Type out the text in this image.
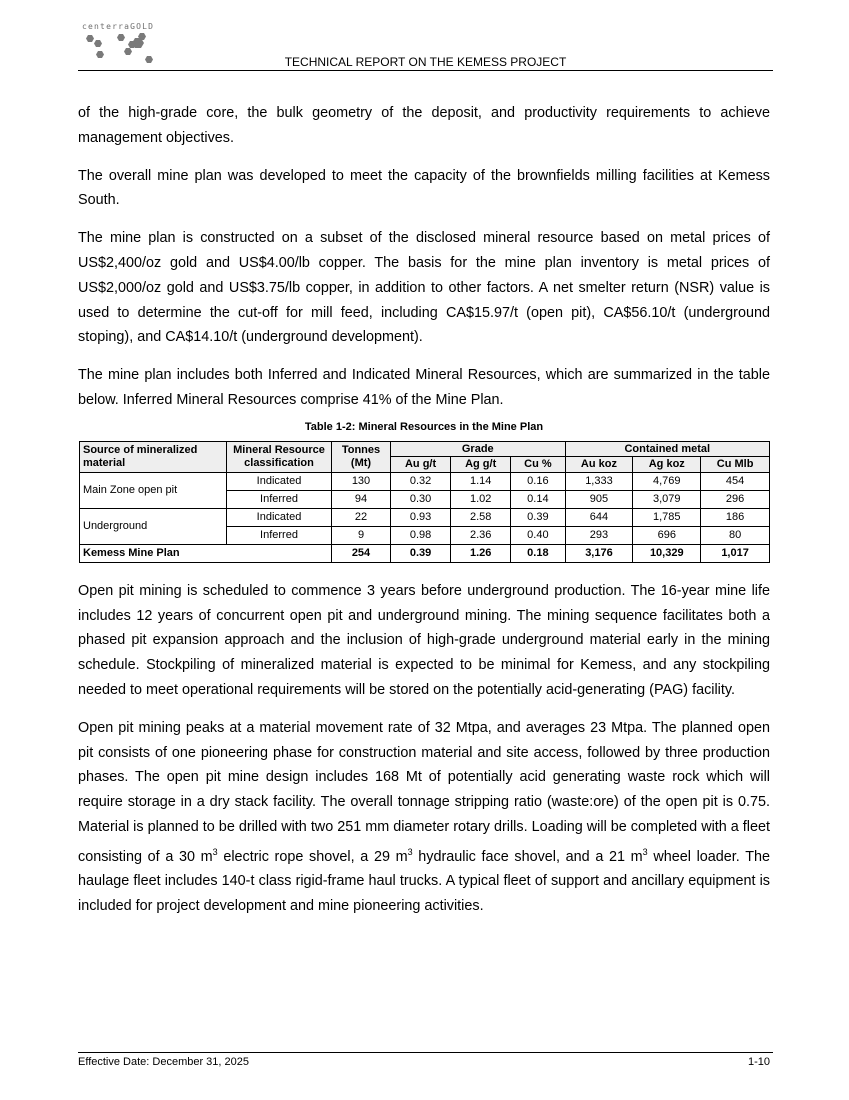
centerraGOLD
TECHNICAL REPORT ON THE KEMESS PROJECT

of the high-grade core, the bulk geometry of the deposit, and productivity requirements to achieve management objectives.

The overall mine plan was developed to meet the capacity of the brownfields milling facilities at Kemess South.

The mine plan is constructed on a subset of the disclosed mineral resource based on metal prices of US$2,400/oz gold and US$4.00/lb copper. The basis for the mine plan inventory is metal prices of US$2,000/oz gold and US$3.75/lb copper, in addition to other factors. A net smelter return (NSR) value is used to determine the cut-off for mill feed, including CA$15.97/t (open pit), CA$56.10/t (underground stoping), and CA$14.10/t (underground development).

The mine plan includes both Inferred and Indicated Mineral Resources, which are summarized in the table below. Inferred Mineral Resources comprise 41% of the Mine Plan.

Table 1-2: Mineral Resources in the Mine Plan
Source of mineralized material	Mineral Resource classification	Tonnes (Mt)	Grade			Contained metal		
			Au g/t	Ag g/t	Cu %	Au koz	Ag koz	Cu Mlb
Main Zone open pit	Indicated	130	0.32	1.14	0.16	1,333	4,769	454
	Inferred	94	0.30	1.02	0.14	905	3,079	296
Underground	Indicated	22	0.93	2.58	0.39	644	1,785	186
	Inferred	9	0.98	2.36	0.40	293	696	80
Kemess Mine Plan		254	0.39	1.26	0.18	3,176	10,329	1,017

Open pit mining is scheduled to commence 3 years before underground production. The 16-year mine life includes 12 years of concurrent open pit and underground mining. The mining sequence facilitates both a phased pit expansion approach and the inclusion of high-grade underground material early in the mining schedule. Stockpiling of mineralized material is expected to be minimal for Kemess, and any stockpiling needed to meet operational requirements will be stored on the potentially acid-generating (PAG) facility.

Open pit mining peaks at a material movement rate of 32 Mtpa, and averages 23 Mtpa. The planned open pit consists of one pioneering phase for construction material and site access, followed by three production phases. The open pit mine design includes 168 Mt of potentially acid generating waste rock which will require storage in a dry stack facility. The overall tonnage stripping ratio (waste:ore) of the open pit is 0.75. Material is planned to be drilled with two 251 mm diameter rotary drills. Loading will be completed with a fleet consisting of a 30 $m^3$ electric rope shovel, a 29 $m^3$ hydraulic face shovel, and a 21 $m^3$ wheel loader. The haulage fleet includes 140-t class rigid-frame haul trucks. A typical fleet of support and ancillary equipment is included for project development and mine pioneering activities.

Effective Date: December 31, 2025	1-10
